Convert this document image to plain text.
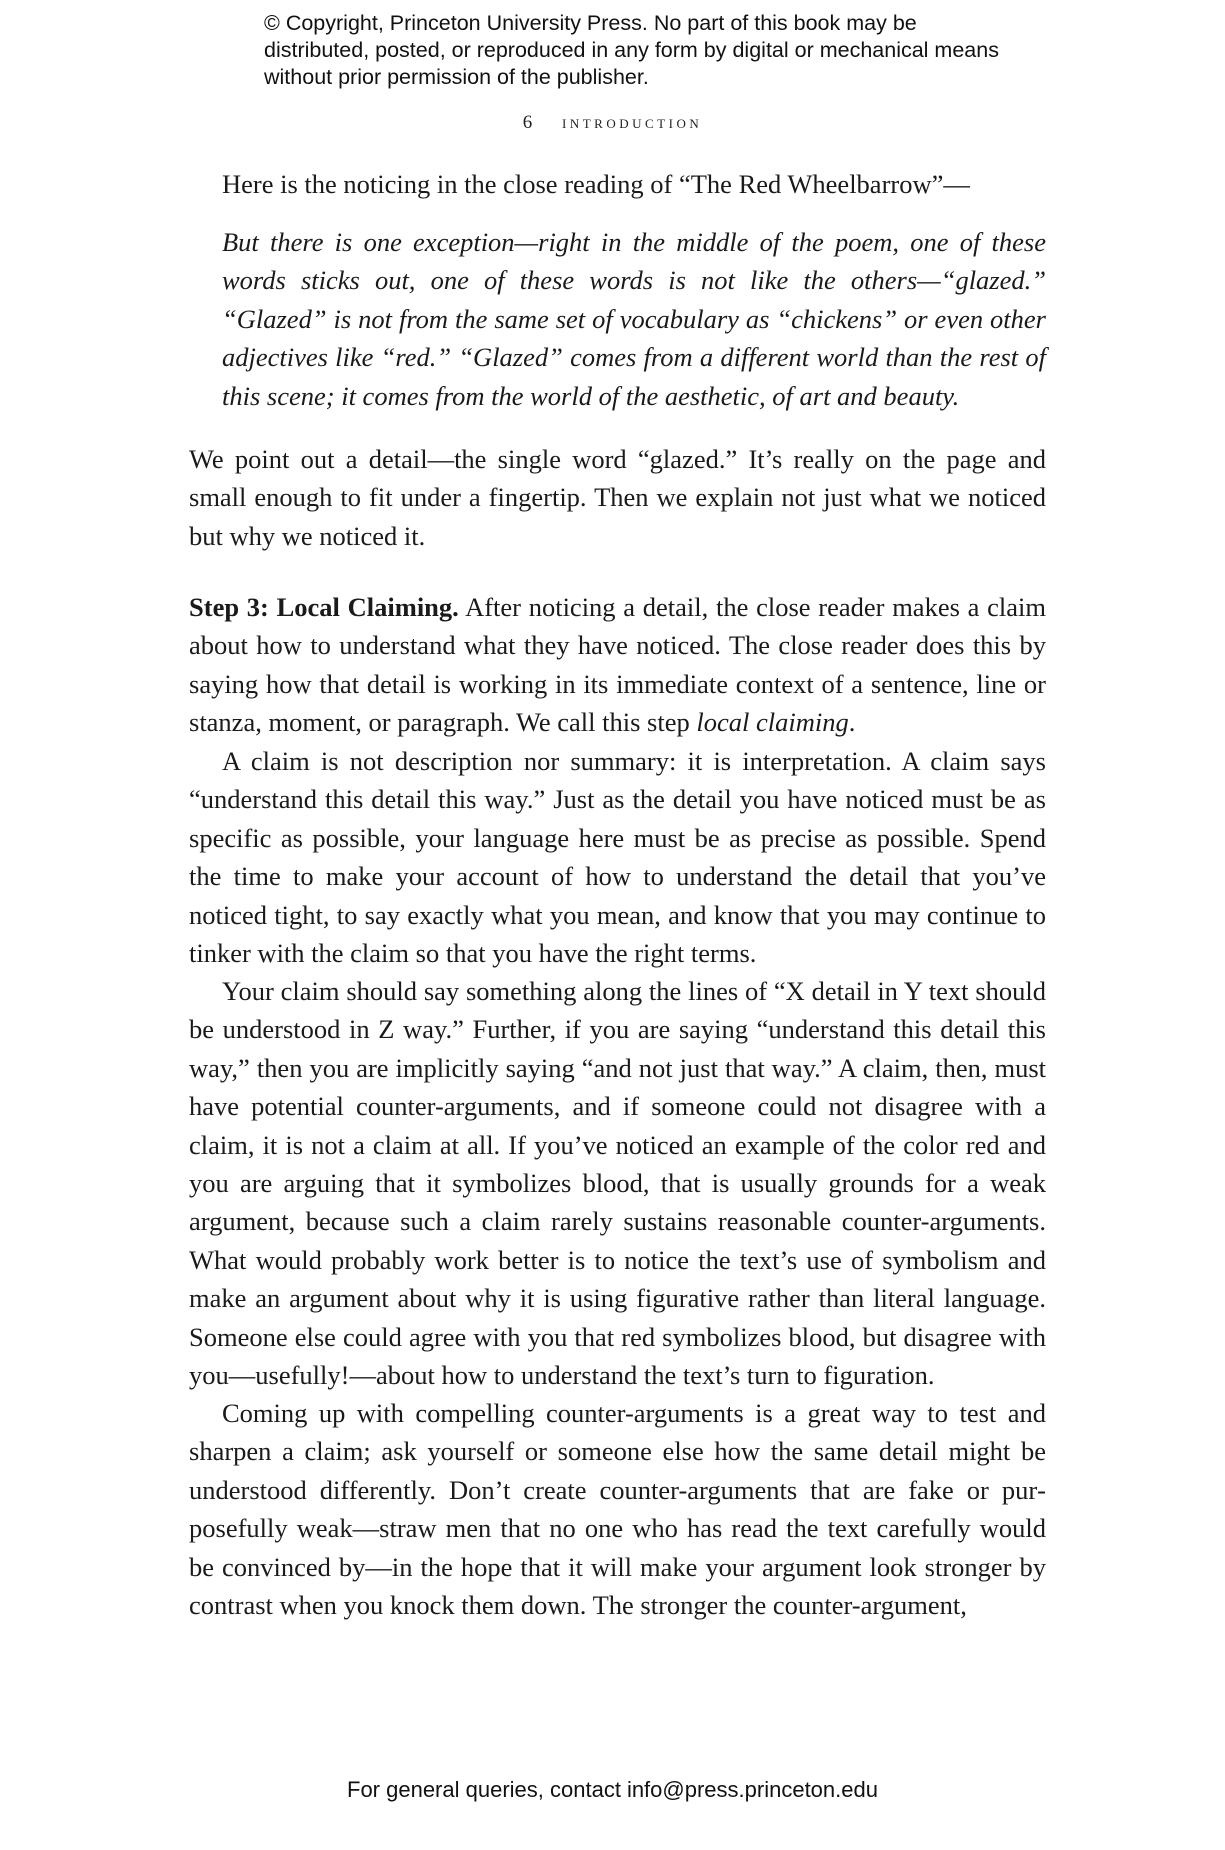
© Copyright, Princeton University Press. No part of this book may be distributed, posted, or reproduced in any form by digital or mechanical means without prior permission of the publisher.
6 introduction

Here is the noticing in the close reading of “The Red Wheelbarrow”—

But there is one exception—right in the middle of the poem, one of these words sticks out, one of these words is not like the others—“glazed.” “Glazed” is not from the same set of vocabulary as “chickens” or even other adjectives like “red.” “Glazed” comes from a different world than the rest of this scene; it comes from the world of the aesthetic, of art and beauty.

We point out a detail—the single word “glazed.” It’s really on the page and small enough to fit under a fingertip. Then we explain not just what we noticed but why we noticed it.

Step 3: Local Claiming. After noticing a detail, the close reader makes a claim about how to understand what they have noticed. The close reader does this by saying how that detail is working in its immediate context of a sentence, line or stanza, moment, or paragraph. We call this step local claiming.

A claim is not description nor summary: it is interpretation. A claim says “understand this detail this way.” Just as the detail you have noticed must be as specific as possible, your language here must be as precise as possible. Spend the time to make your account of how to understand the detail that you’ve noticed tight, to say exactly what you mean, and know that you may continue to tinker with the claim so that you have the right terms.

Your claim should say something along the lines of “X detail in Y text should be understood in Z way.” Further, if you are saying “understand this detail this way,” then you are implicitly saying “and not just that way.” A claim, then, must have potential counter-arguments, and if someone could not disagree with a claim, it is not a claim at all. If you’ve noticed an example of the color red and you are arguing that it symbolizes blood, that is usually grounds for a weak argument, because such a claim rarely sustains reasonable counter-arguments. What would probably work better is to notice the text’s use of symbolism and make an argument about why it is using figurative rather than literal language. Someone else could agree with you that red symbolizes blood, but disagree with you—usefully!—about how to understand the text’s turn to figuration.

Coming up with compelling counter-arguments is a great way to test and sharpen a claim; ask yourself or someone else how the same detail might be understood differently. Don’t create counter-arguments that are fake or purposefully weak—straw men that no one who has read the text carefully would be convinced by—in the hope that it will make your argument look stronger by contrast when you knock them down. The stronger the counter-argument,

For general queries, contact info@press.princeton.edu
